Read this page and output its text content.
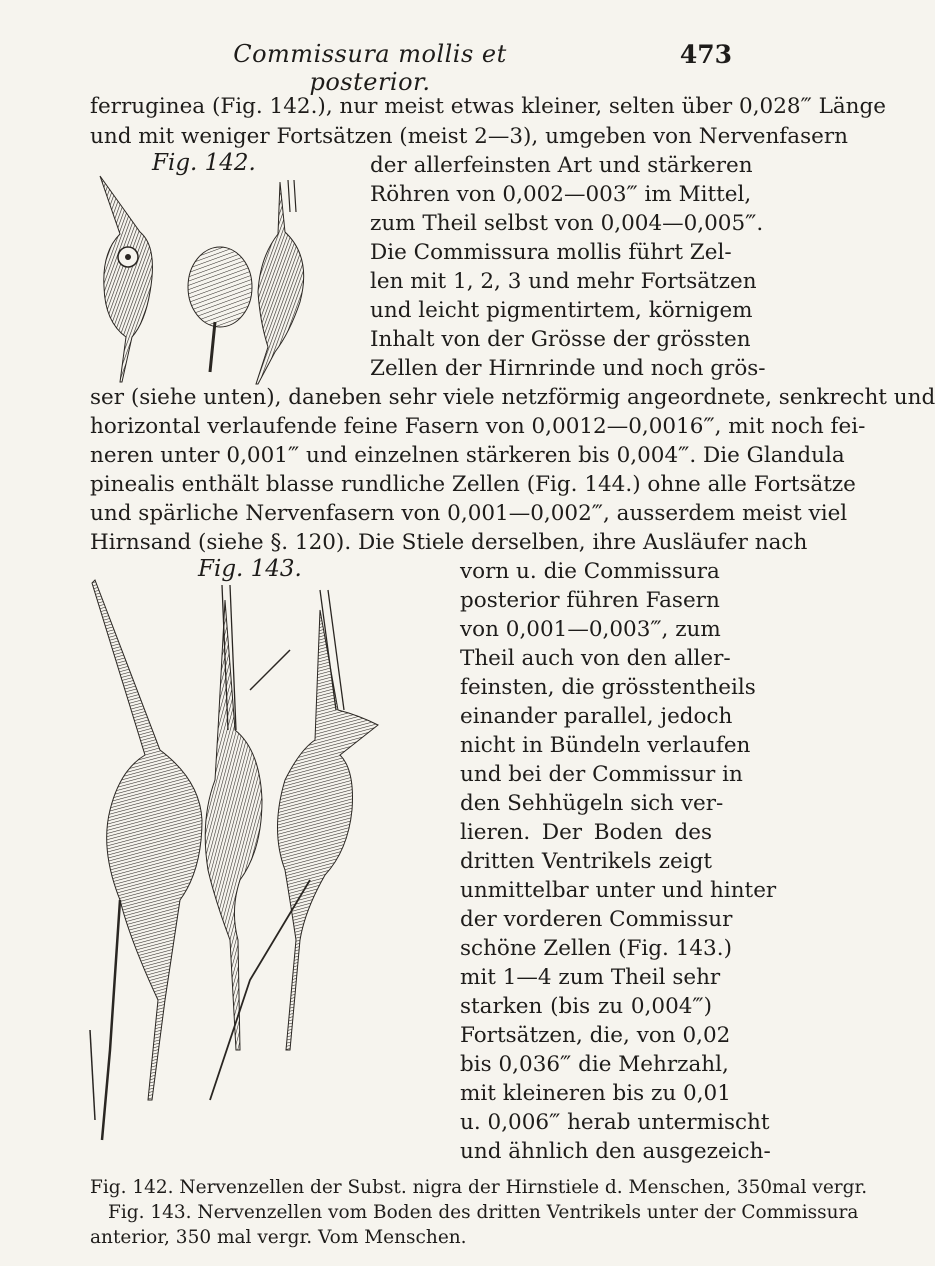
Commissura mollis et posterior.
473
ferruginea (Fig. 142.), nur meist etwas kleiner, selten über 0,028‴ Länge
und mit weniger Fortsätzen (meist 2—3), umgeben von Nervenfasern
der allerfeinsten Art und stärkeren
Röhren von 0,002—003‴ im Mittel,
zum Theil selbst von 0,004—0,005‴.
Die Commissura mollis führt Zel-
len mit 1, 2, 3 und mehr Fortsätzen
und leicht pigmentirtem, körnigem
Inhalt von der Grösse der grössten
Zellen der Hirnrinde und noch grös-
ser (siehe unten), daneben sehr viele netzförmig angeordnete, senkrecht und
horizontal verlaufende feine Fasern von 0,0012—0,0016‴, mit noch fei-
neren unter 0,001‴ und einzelnen stärkeren bis 0,004‴. Die Glandula
pinealis enthält blasse rundliche Zellen (Fig. 144.) ohne alle Fortsätze
und spärliche Nervenfasern von 0,001—0,002‴, ausserdem meist viel
Hirnsand (siehe §. 120). Die Stiele derselben, ihre Ausläufer nach
vorn u. die Commissura
posterior führen Fasern
von 0,001—0,003‴, zum
Theil auch von den aller-
feinsten, die grösstentheils
einander parallel, jedoch
nicht in Bündeln verlaufen
und bei der Commissur in
den Sehhügeln sich ver-
lieren. Der Boden des
dritten Ventrikels zeigt
unmittelbar unter und hinter
der vorderen Commissur
schöne Zellen (Fig. 143.)
mit 1—4 zum Theil sehr
starken (bis zu 0,004‴)
Fortsätzen, die, von 0,02
bis 0,036‴ die Mehrzahl,
mit kleineren bis zu 0,01
u. 0,006‴ herab untermischt
und ähnlich den ausgezeich-
Fig. 142.
Fig. 143.
Fig. 142. Nervenzellen der Subst. nigra der Hirnstiele d. Menschen, 350mal vergr.
Fig. 143. Nervenzellen vom Boden des dritten Ventrikels unter der Commissura
anterior, 350 mal vergr. Vom Menschen.
